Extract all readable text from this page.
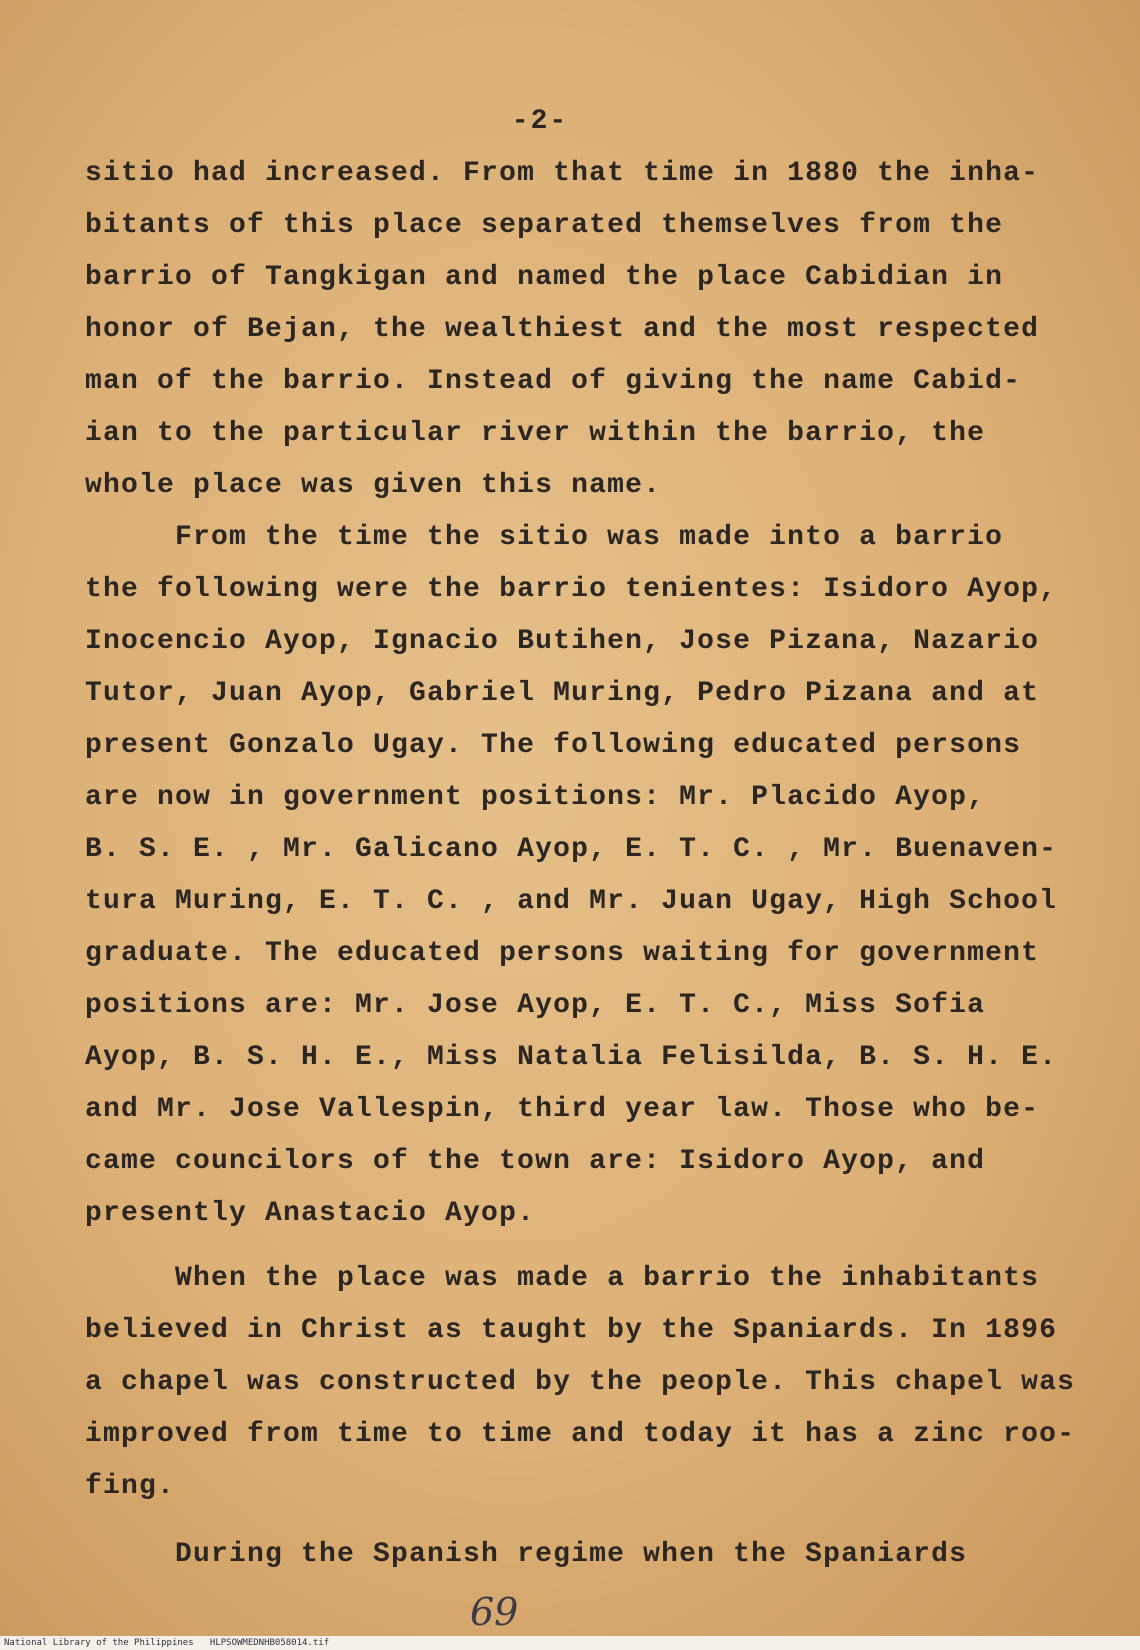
-2-
sitio had increased. From that time in 1880 the inha-
bitants of this place separated themselves from the
barrio of Tangkigan and named the place Cabidian in
honor of Bejan, the wealthiest and the most respected
man of the barrio. Instead of giving the name Cabid-
ian to the particular river within the barrio, the
whole place was given this name.
From the time the sitio was made into a barrio
the following were the barrio tenientes: Isidoro Ayop,
Inocencio Ayop, Ignacio Butihen, Jose Pizana, Nazario
Tutor, Juan Ayop, Gabriel Muring, Pedro Pizana and at
present Gonzalo Ugay. The following educated persons
are now in government positions: Mr. Placido Ayop,
B. S. E. , Mr. Galicano Ayop, E. T. C. , Mr. Buenaven-
tura Muring, E. T. C. , and Mr. Juan Ugay, High School
graduate. The educated persons waiting for government
positions are: Mr. Jose Ayop, E. T. C., Miss Sofia
Ayop, B. S. H. E., Miss Natalia Felisilda, B. S. H. E.
and Mr. Jose Vallespin, third year law. Those who be-
came councilors of the town are: Isidoro Ayop, and
presently Anastacio Ayop.
When the place was made a barrio the inhabitants
believed in Christ as taught by the Spaniards. In 1896
a chapel was constructed by the people. This chapel was
improved from time to time and today it has a zinc roo-
fing.
During the Spanish regime when the Spaniards
69
National Library of the Philippines   HLPSOWMEDNHB058014.tif
